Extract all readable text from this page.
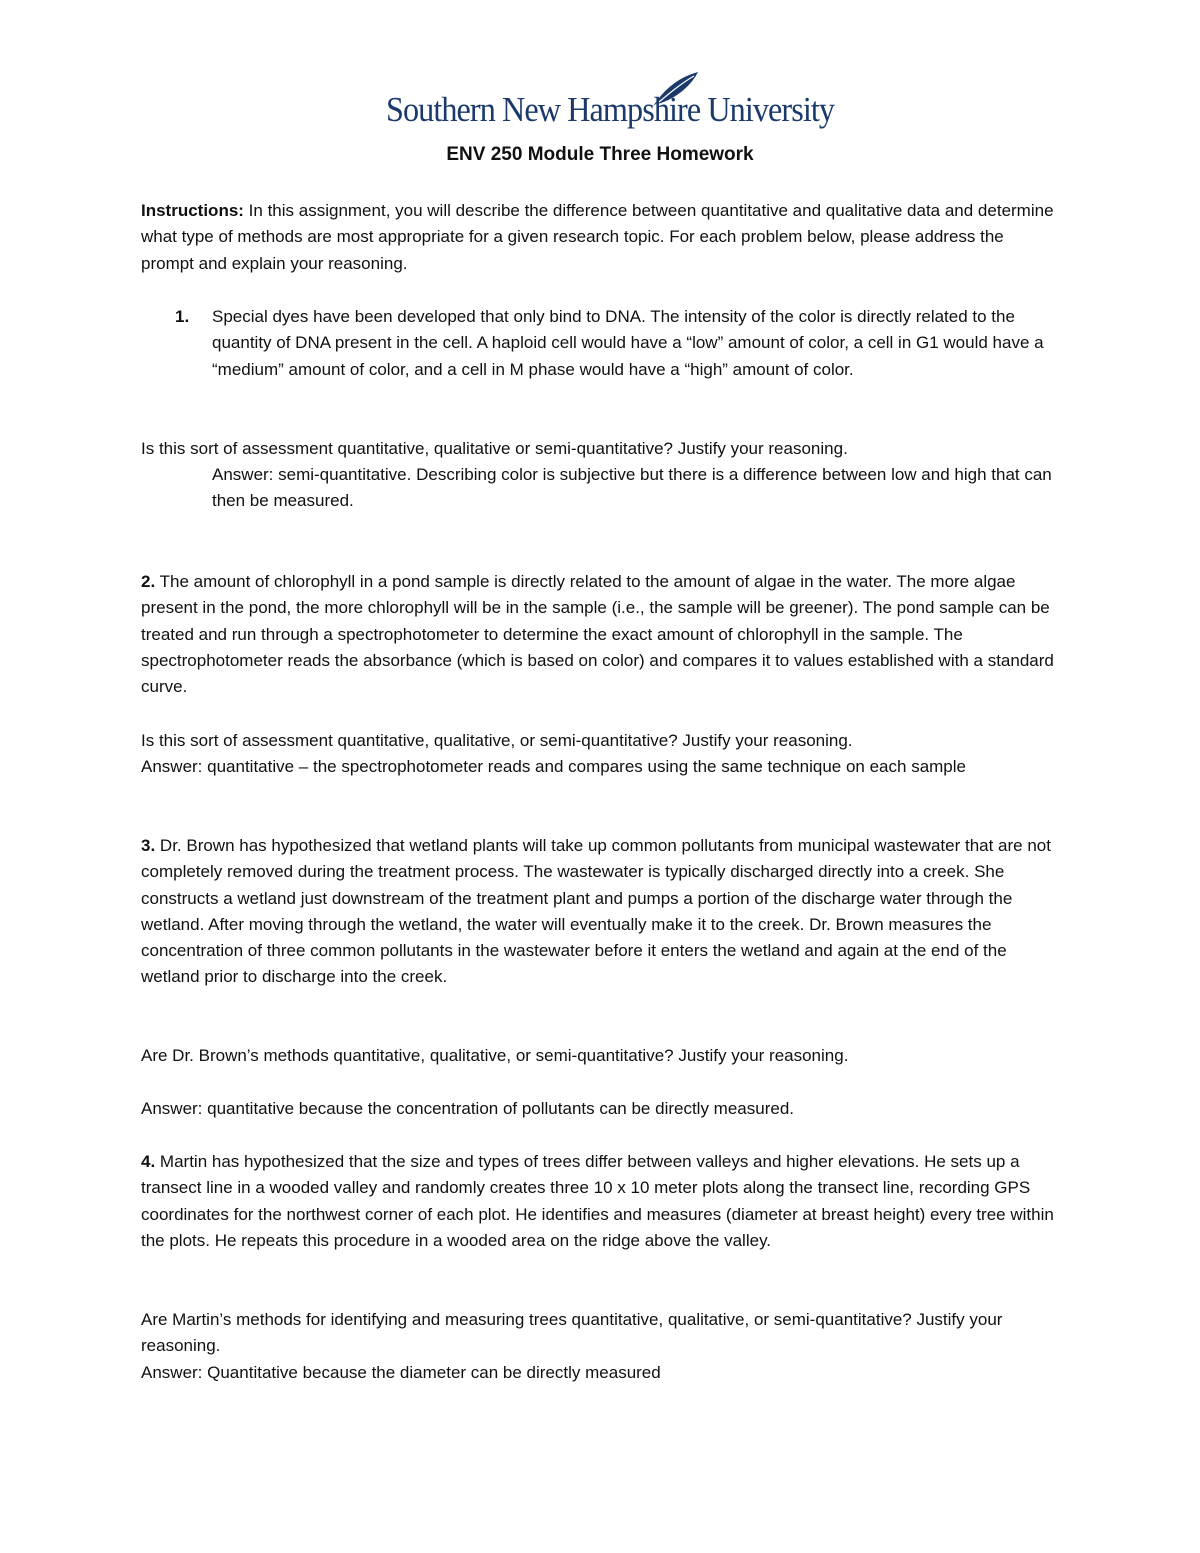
Southern New Hampshire University
ENV 250 Module Three Homework

Instructions: In this assignment, you will describe the difference between quantitative and qualitative data and determine what type of methods are most appropriate for a given research topic. For each problem below, please address the prompt and explain your reasoning.

1. Special dyes have been developed that only bind to DNA. The intensity of the color is directly related to the quantity of DNA present in the cell. A haploid cell would have a “low” amount of color, a cell in G1 would have a “medium” amount of color, and a cell in M phase would have a “high” amount of color.

Is this sort of assessment quantitative, qualitative or semi-quantitative? Justify your reasoning.

Answer: semi-quantitative. Describing color is subjective but there is a difference between low and high that can then be measured.

2. The amount of chlorophyll in a pond sample is directly related to the amount of algae in the water. The more algae present in the pond, the more chlorophyll will be in the sample (i.e., the sample will be greener). The pond sample can be treated and run through a spectrophotometer to determine the exact amount of chlorophyll in the sample. The spectrophotometer reads the absorbance (which is based on color) and compares it to values established with a standard curve.

Is this sort of assessment quantitative, qualitative, or semi-quantitative? Justify your reasoning.

Answer: quantitative – the spectrophotometer reads and compares using the same technique on each sample

3. Dr. Brown has hypothesized that wetland plants will take up common pollutants from municipal wastewater that are not completely removed during the treatment process. The wastewater is typically discharged directly into a creek. She constructs a wetland just downstream of the treatment plant and pumps a portion of the discharge water through the wetland. After moving through the wetland, the water will eventually make it to the creek. Dr. Brown measures the concentration of three common pollutants in the wastewater before it enters the wetland and again at the end of the wetland prior to discharge into the creek.

Are Dr. Brown’s methods quantitative, qualitative, or semi-quantitative? Justify your reasoning.

Answer: quantitative because the concentration of pollutants can be directly measured.

4. Martin has hypothesized that the size and types of trees differ between valleys and higher elevations. He sets up a transect line in a wooded valley and randomly creates three 10 x 10 meter plots along the transect line, recording GPS coordinates for the northwest corner of each plot. He identifies and measures (diameter at breast height) every tree within the plots. He repeats this procedure in a wooded area on the ridge above the valley.

Are Martin’s methods for identifying and measuring trees quantitative, qualitative, or semi-quantitative? Justify your reasoning.

Answer: Quantitative because the diameter can be directly measured
